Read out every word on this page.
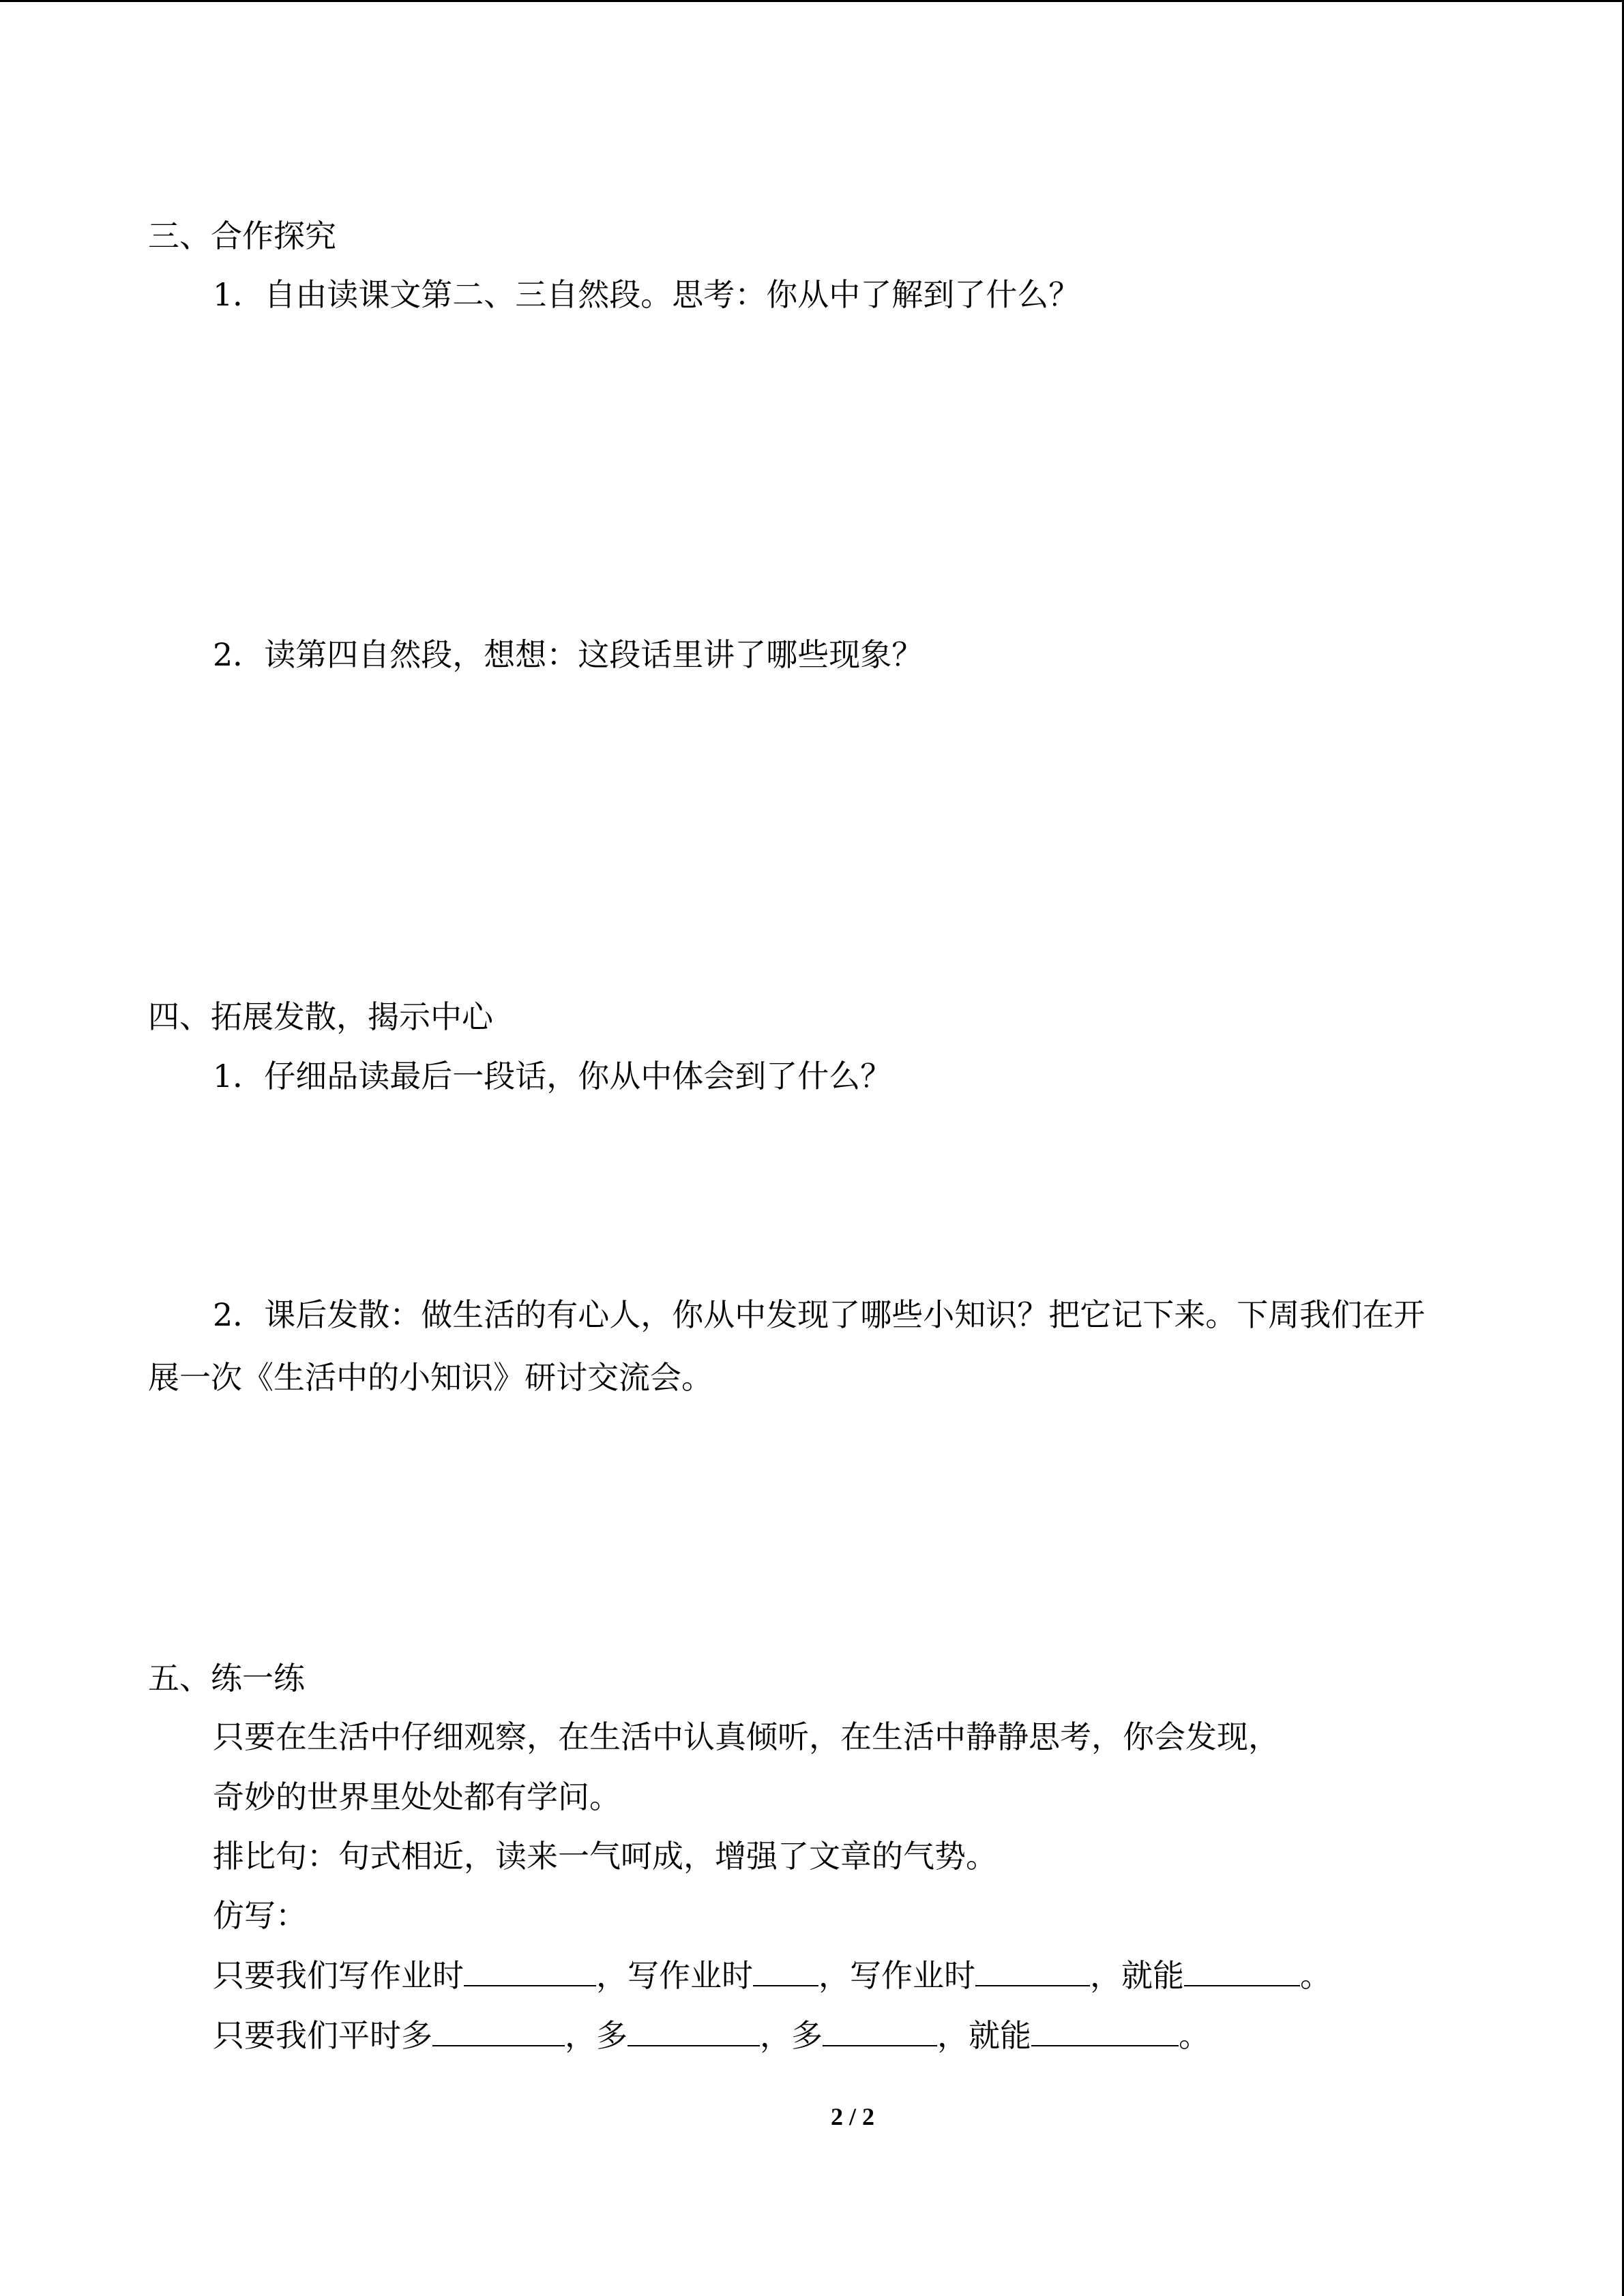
三、合作探究
1．自由读课文第二、三自然段。思考：你从中了解到了什么？
2．读第四自然段，想想：这段话里讲了哪些现象？
四、拓展发散，揭示中心
1．仔细品读最后一段话，你从中体会到了什么？
2．课后发散：做生活的有心人，你从中发现了哪些小知识？把它记下来。下周我们在开
展一次《生活中的小知识》研讨交流会。
五、练一练
只要在生活中仔细观察，在生活中认真倾听，在生活中静静思考，你会发现，
奇妙的世界里处处都有学问。
排比句：句式相近，读来一气呵成，增强了文章的气势。
仿写：
只要我们写作业时	，写作业时 ，写作业时	，就能	。
只要我们平时多	，多	，多	，就能	。
2 / 2
